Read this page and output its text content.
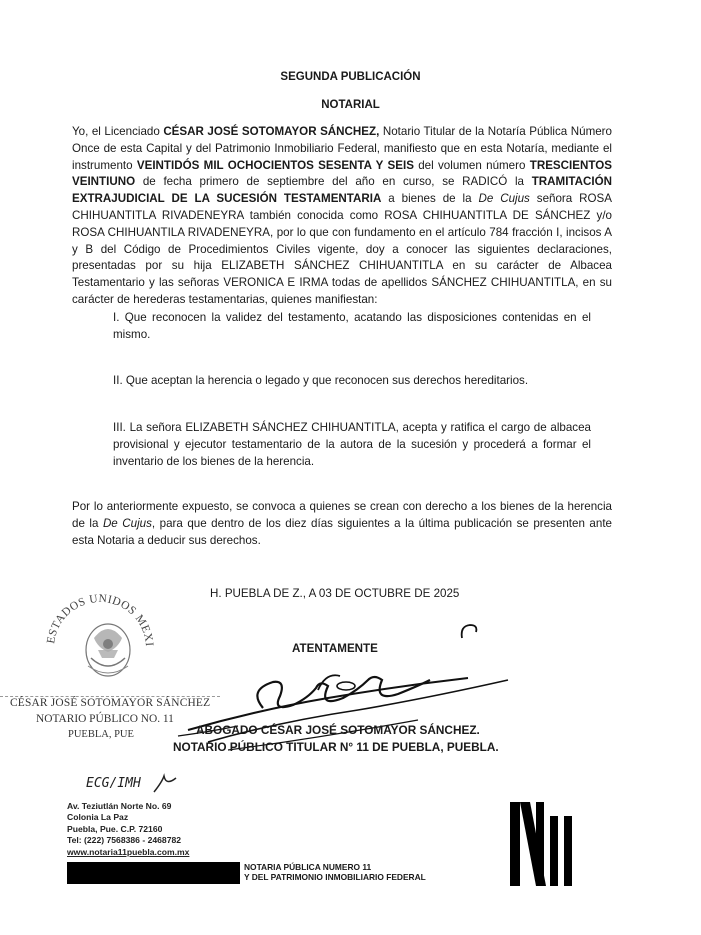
SEGUNDA PUBLICACIÓN
NOTARIAL
Yo, el Licenciado CÉSAR JOSÉ SOTOMAYOR SÁNCHEZ, Notario Titular de la Notaría Pública Número Once de esta Capital y del Patrimonio Inmobiliario Federal, manifiesto que en esta Notaría, mediante el instrumento VEINTIDÓS MIL OCHOCIENTOS SESENTA Y SEIS del volumen número TRESCIENTOS VEINTIUNO de fecha primero de septiembre del año en curso, se RADICÓ la TRAMITACIÓN EXTRAJUDICIAL DE LA SUCESIÓN TESTAMENTARIA a bienes de la De Cujus señora ROSA CHIHUANTITLA RIVADENEYRA también conocida como ROSA CHIHUANTITLA DE SÁNCHEZ y/o ROSA CHIHUANTILA RIVADENEYRA, por lo que con fundamento en el artículo 784 fracción I, incisos A y B del Código de Procedimientos Civiles vigente, doy a conocer las siguientes declaraciones, presentadas por su hija ELIZABETH SÁNCHEZ CHIHUANTITLA en su carácter de Albacea Testamentario y las señoras VERONICA E IRMA todas de apellidos SÁNCHEZ CHIHUANTITLA, en su carácter de herederas testamentarias, quienes manifiestan:
I. Que reconocen la validez del testamento, acatando las disposiciones contenidas en el mismo.
II. Que aceptan la herencia o legado y que reconocen sus derechos hereditarios.
III. La señora ELIZABETH SÁNCHEZ CHIHUANTITLA, acepta y ratifica el cargo de albacea provisional y ejecutor testamentario de la autora de la sucesión y procederá a formar el inventario de los bienes de la herencia.
Por lo anteriormente expuesto, se convoca a quienes se crean con derecho a los bienes de la herencia de la De Cujus, para que dentro de los diez días siguientes a la última publicación se presenten ante esta Notaria a deducir sus derechos.
H. PUEBLA DE Z., A 03 DE OCTUBRE DE 2025
ESTADOS UNIDOS MEXI
CÉSAR JOSÉ SOTOMAYOR SÁNCHEZ
NOTARIO PÚBLICO NO. 11
PUEBLA, PUE
ATENTAMENTE
ABOGADO CÉSAR JOSÉ SOTOMAYOR SÁNCHEZ.
NOTARIO PÚBLICO TITULAR N° 11 DE PUEBLA, PUEBLA.
ECG/IMH
Av. Teziutlán Norte No. 69
Colonia La Paz
Puebla, Pue. C.P. 72160
Tel: (222) 7568386 - 2468782
www.notaria11puebla.com.mx
NOTARIA PÚBLICA NUMERO 11
Y DEL PATRIMONIO INMOBILIARIO FEDERAL
